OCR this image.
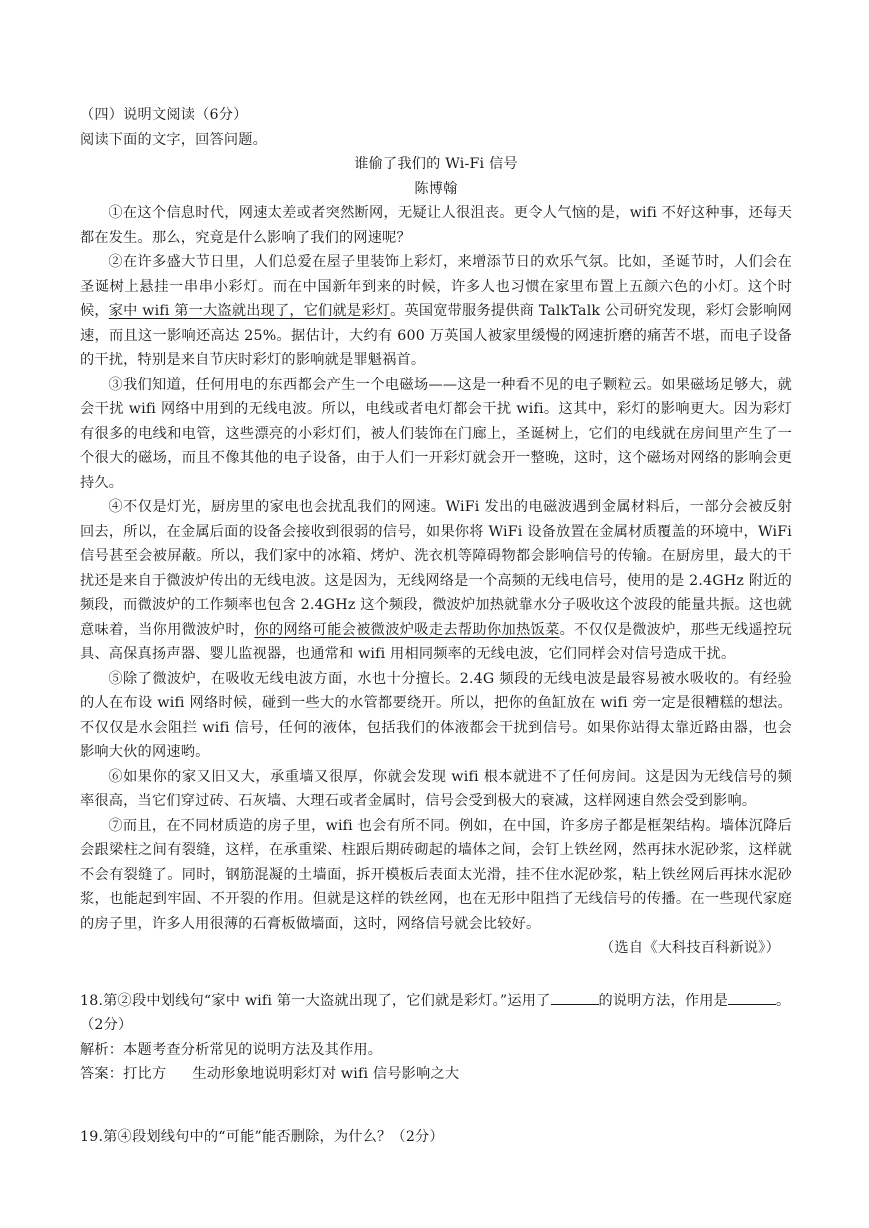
（四）说明文阅读（6分）

阅读下面的文字，回答问题。

谁偷了我们的 Wi-Fi 信号

陈博翰

①在这个信息时代，网速太差或者突然断网，无疑让人很沮丧。更令人气恼的是，wifi 不好这种事，还每天都在发生。那么，究竟是什么影响了我们的网速呢？

②在许多盛大节日里，人们总爱在屋子里装饰上彩灯，来增添节日的欢乐气氛。比如，圣诞节时，人们会在圣诞树上悬挂一串串小彩灯。而在中国新年到来的时候，许多人也习惯在家里布置上五颜六色的小灯。这个时候，家中 wifi 第一大盗就出现了，它们就是彩灯。英国宽带服务提供商 TalkTalk 公司研究发现，彩灯会影响网速，而且这一影响还高达 25%。据估计，大约有 600 万英国人被家里缓慢的网速折磨的痛苦不堪，而电子设备的干扰，特别是来自节庆时彩灯的影响就是罪魁祸首。

③我们知道，任何用电的东西都会产生一个电磁场——这是一种看不见的电子颗粒云。如果磁场足够大，就会干扰 wifi 网络中用到的无线电波。所以，电线或者电灯都会干扰 wifi。这其中，彩灯的影响更大。因为彩灯有很多的电线和电管，这些漂亮的小彩灯们，被人们装饰在门廊上，圣诞树上，它们的电线就在房间里产生了一个很大的磁场，而且不像其他的电子设备，由于人们一开彩灯就会开一整晚，这时，这个磁场对网络的影响会更持久。

④不仅是灯光，厨房里的家电也会扰乱我们的网速。WiFi 发出的电磁波遇到金属材料后，一部分会被反射回去，所以，在金属后面的设备会接收到很弱的信号，如果你将 WiFi 设备放置在金属材质覆盖的环境中，WiFi 信号甚至会被屏蔽。所以，我们家中的冰箱、烤炉、洗衣机等障碍物都会影响信号的传输。在厨房里，最大的干扰还是来自于微波炉传出的无线电波。这是因为，无线网络是一个高频的无线电信号，使用的是 2.4GHz 附近的频段，而微波炉的工作频率也包含 2.4GHz 这个频段，微波炉加热就靠水分子吸收这个波段的能量共振。这也就意味着，当你用微波炉时，你的网络可能会被微波炉吸走去帮助你加热饭菜。不仅仅是微波炉，那些无线遥控玩具、高保真扬声器、婴儿监视器，也通常和 wifi 用相同频率的无线电波，它们同样会对信号造成干扰。

⑤除了微波炉，在吸收无线电波方面，水也十分擅长。2.4G 频段的无线电波是最容易被水吸收的。有经验的人在布设 wifi 网络时候，碰到一些大的水管都要绕开。所以，把你的鱼缸放在 wifi 旁一定是很糟糕的想法。不仅仅是水会阻拦 wifi 信号，任何的液体，包括我们的体液都会干扰到信号。如果你站得太靠近路由器，也会影响大伙的网速哟。

⑥如果你的家又旧又大，承重墙又很厚，你就会发现 wifi 根本就进不了任何房间。这是因为无线信号的频率很高，当它们穿过砖、石灰墙、大理石或者金属时，信号会受到极大的衰减，这样网速自然会受到影响。

⑦而且，在不同材质造的房子里，wifi 也会有所不同。例如，在中国，许多房子都是框架结构。墙体沉降后会跟梁柱之间有裂缝，这样，在承重梁、柱跟后期砖砌起的墙体之间，会钉上铁丝网，然再抹水泥砂浆，这样就不会有裂缝了。同时，钢筋混凝的土墙面，拆开模板后表面太光滑，挂不住水泥砂浆，粘上铁丝网后再抹水泥砂浆，也能起到牢固、不开裂的作用。但就是这样的铁丝网，也在无形中阻挡了无线信号的传播。在一些现代家庭的房子里，许多人用很薄的石膏板做墙面，这时，网络信号就会比较好。

（选自《大科技百科新说》）

18.第②段中划线句“家中 wifi 第一大盗就出现了，它们就是彩灯。”运用了	的说明方法，作用是	。（2分）

解析：本题考查分析常见的说明方法及其作用。

答案：打比方 生动形象地说明彩灯对 wifi 信号影响之大

19.第④段划线句中的“可能”能否删除，为什么？（2分）
